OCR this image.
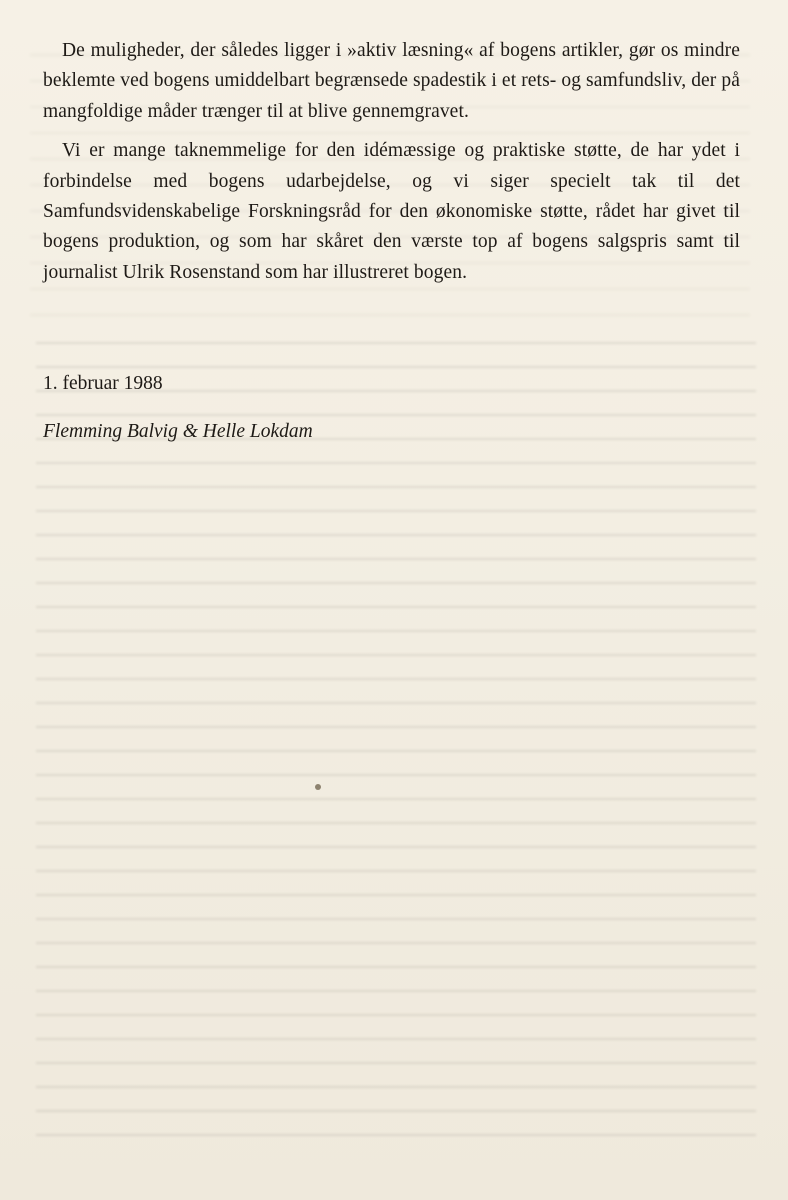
De muligheder, der således ligger i »aktiv læsning« af bogens artikler, gør os mindre beklemte ved bogens umiddelbart begrænsede spadestik i et rets- og samfundsliv, der på mangfoldige måder trænger til at blive gennemgravet.

Vi er mange taknemmelige for den idémæssige og praktiske støtte, de har ydet i forbindelse med bogens udarbejdelse, og vi siger specielt tak til det Samfundsvidenskabelige Forskningsråd for den økonomiske støtte, rådet har givet til bogens produktion, og som har skåret den værste top af bogens salgspris samt til journalist Ulrik Rosenstand som har illustreret bogen.

1. februar 1988

Flemming Balvig & Helle Lokdam
